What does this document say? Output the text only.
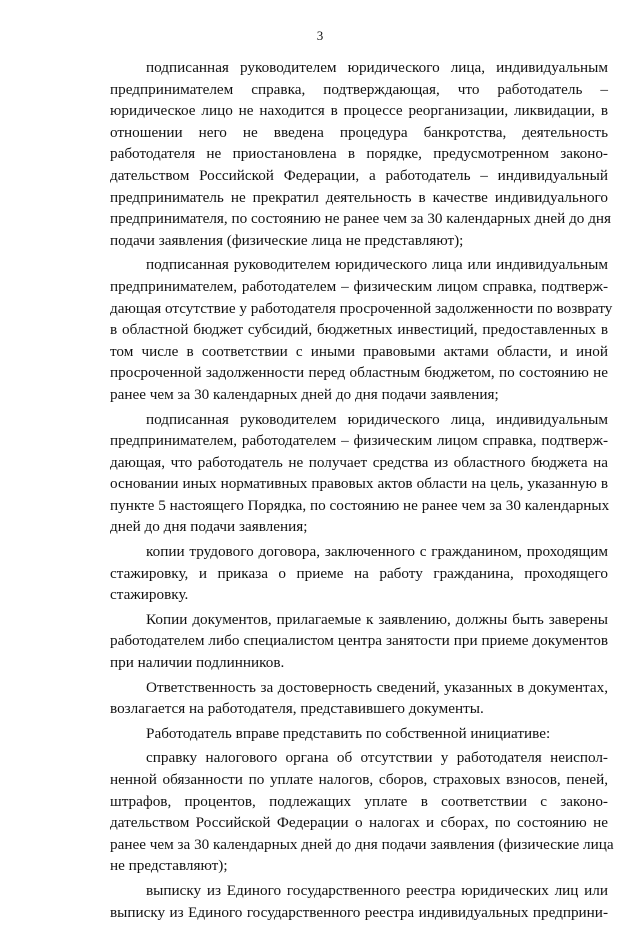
3
подписанная руководителем юридического лица, индивидуальным
предпринимателем справка, подтверждающая, что работодатель –
юридическое лицо не находится в процессе реорганизации, ликвидации, в
отношении него не введена процедура банкротства, деятельность
работодателя не приостановлена в порядке, предусмотренном законо-
дательством Российской Федерации, а работодатель – индивидуальный
предприниматель не прекратил деятельность в качестве индивидуального
предпринимателя, по состоянию не ранее чем за 30 календарных дней до дня
подачи заявления (физические лица не представляют);
подписанная руководителем юридического лица или индивидуальным
предпринимателем, работодателем – физическим лицом справка, подтверж-
дающая отсутствие у работодателя просроченной задолженности по возврату
в областной бюджет субсидий, бюджетных инвестиций, предоставленных в
том числе в соответствии с иными правовыми актами области, и иной
просроченной задолженности перед областным бюджетом, по состоянию не
ранее чем за 30 календарных дней до дня подачи заявления;
подписанная руководителем юридического лица, индивидуальным
предпринимателем, работодателем – физическим лицом справка, подтверж-
дающая, что работодатель не получает средства из областного бюджета на
основании иных нормативных правовых актов области на цель, указанную в
пункте 5 настоящего Порядка, по состоянию не ранее чем за 30 календарных
дней до дня подачи заявления;
копии трудового договора, заключенного с гражданином, проходящим
стажировку, и приказа о приеме на работу гражданина, проходящего
стажировку.
Копии документов, прилагаемые к заявлению, должны быть заверены
работодателем либо специалистом центра занятости при приеме документов
при наличии подлинников.
Ответственность за достоверность сведений, указанных в документах,
возлагается на работодателя, представившего документы.
Работодатель вправе представить по собственной инициативе:
справку налогового органа об отсутствии у работодателя неиспол-
ненной обязанности по уплате налогов, сборов, страховых взносов, пеней,
штрафов, процентов, подлежащих уплате в соответствии с законо-
дательством Российской Федерации о налогах и сборах, по состоянию не
ранее чем за 30 календарных дней до дня подачи заявления (физические лица
не представляют);
выписку из Единого государственного реестра юридических лиц или
выписку из Единого государственного реестра индивидуальных предприни-
